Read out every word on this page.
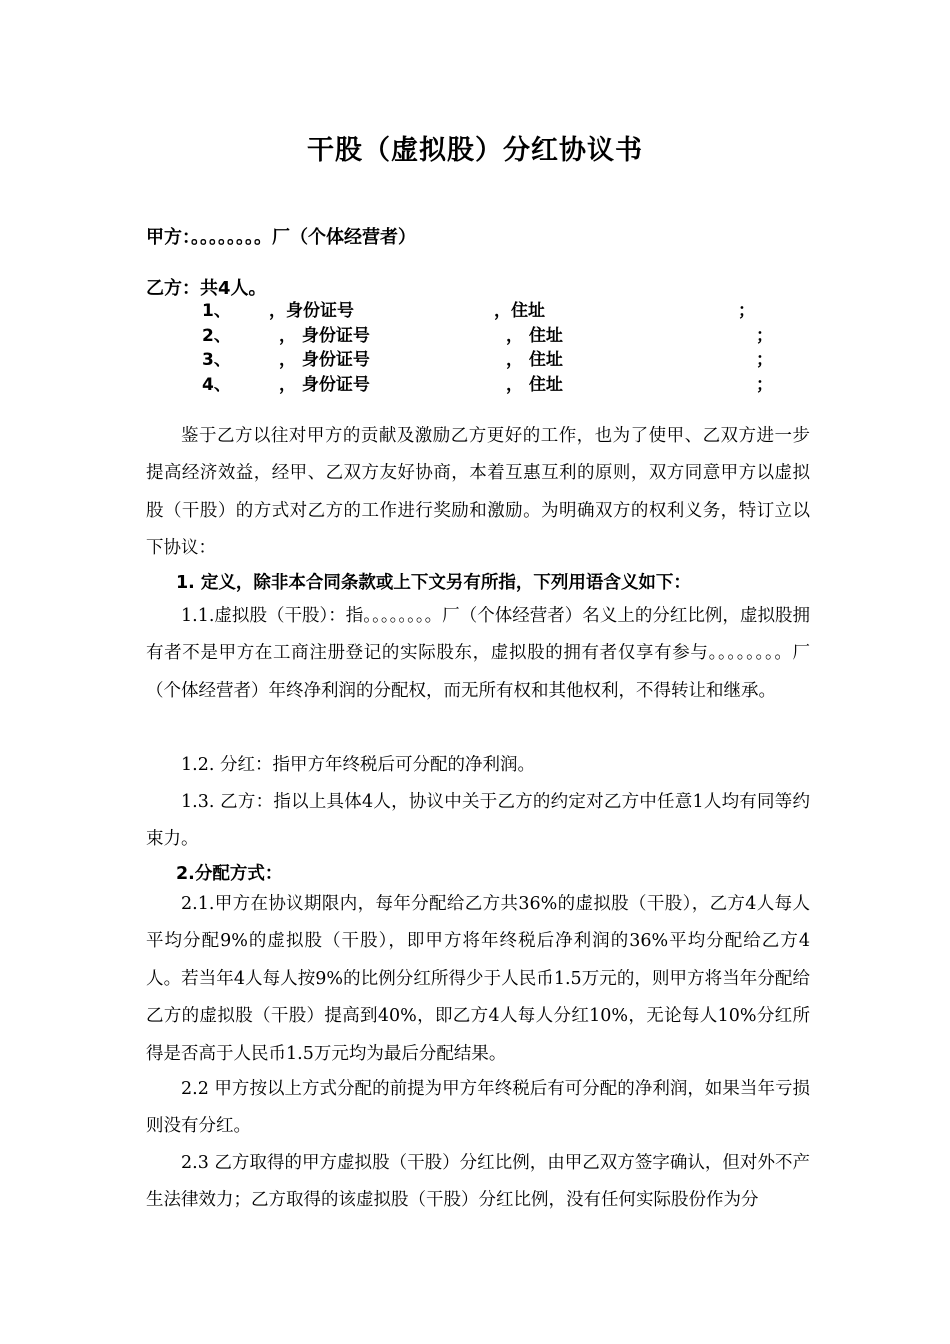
干股（虚拟股）分红协议书
甲方：。。。。。。。。厂（个体经营者）
乙方：共4人。
1、 ，身份证号	，住址	；
2、	， 身份证号	， 住址	；
3、	， 身份证号	， 住址	；
4、	， 身份证号	， 住址	；

鉴于乙方以往对甲方的贡献及激励乙方更好的工作，也为了使甲、乙双方进一步提高经济效益，经甲、乙双方友好协商，本着互惠互利的原则，双方同意甲方以虚拟股（干股）的方式对乙方的工作进行奖励和激励。为明确双方的权利义务，特订立以下协议：

1. 定义，除非本合同条款或上下文另有所指，下列用语含义如下：

1.1.虚拟股（干股）：指。。。。。。。。厂（个体经营者）名义上的分红比例，虚拟股拥有者不是甲方在工商注册登记的实际股东，虚拟股的拥有者仅享有参与。。。。。。。。厂（个体经营者）年终净利润的分配权，而无所有权和其他权利，不得转让和继承。

1.2. 分红：指甲方年终税后可分配的净利润。

1.3. 乙方：指以上具体4人，协议中关于乙方的约定对乙方中任意1人均有同等约束力。

2.分配方式：

2.1.甲方在协议期限内，每年分配给乙方共36%的虚拟股（干股），乙方4人每人平均分配9%的虚拟股（干股），即甲方将年终税后净利润的36%平均分配给乙方4人。若当年4人每人按9%的比例分红所得少于人民币1.5万元的，则甲方将当年分配给乙方的虚拟股（干股）提高到40%，即乙方4人每人分红10%，无论每人10%分红所得是否高于人民币1.5万元均为最后分配结果。

2.2 甲方按以上方式分配的前提为甲方年终税后有可分配的净利润，如果当年亏损则没有分红。

2.3 乙方取得的甲方虚拟股（干股）分红比例，由甲乙双方签字确认，但对外不产生法律效力；乙方取得的该虚拟股（干股）分红比例，没有任何实际股份作为分
